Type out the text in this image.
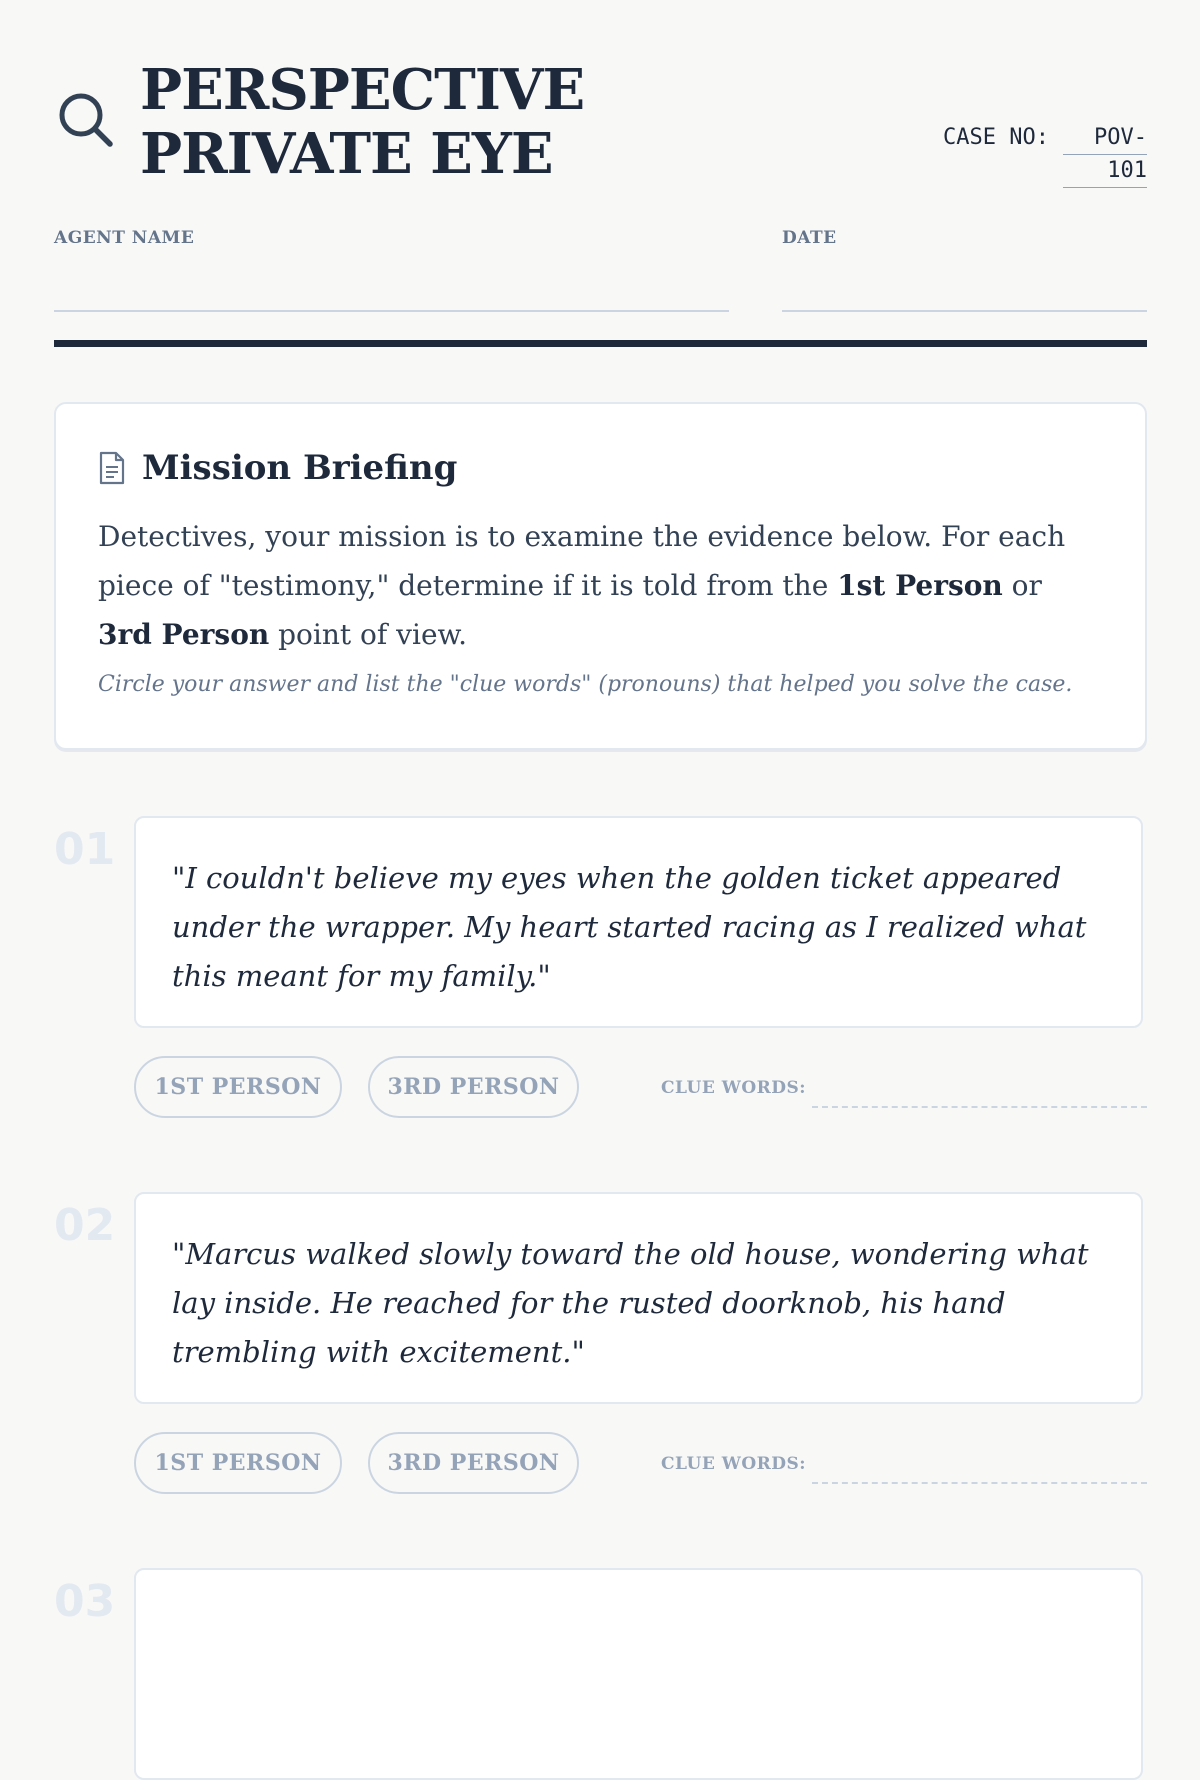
PERSPECTIVE PRIVATE EYE	CASE NO:	POV-
101
AGENT NAME	DATE
Mission Briefing

Detectives, your mission is to examine the evidence below. For each piece of "testimony," determine if it is told from the 1st Person or 3rd Person point of view.

Circle your answer and list the "clue words" (pronouns) that helped you solve the case.

01

"I couldn't believe my eyes when the golden ticket appeared under the wrapper. My heart started racing as I realized what this meant for my family."

1ST PERSON	3RD PERSON	CLUE WORDS:
02

"Marcus walked slowly toward the old house, wondering what lay inside. He reached for the rusted doorknob, his hand trembling with excitement."

1ST PERSON	3RD PERSON	CLUE WORDS:
03
